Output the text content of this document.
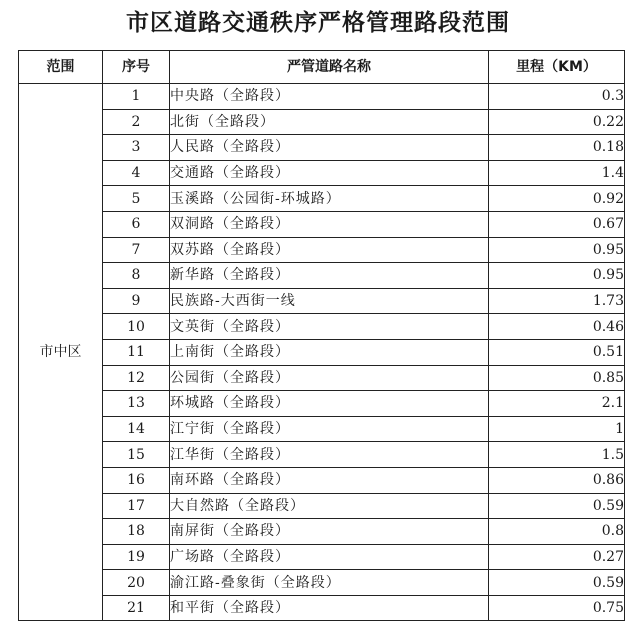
市区道路交通秩序严格管理路段范围
范围	序号	严管道路名称	里程（KM）
市中区	1	中央路（全路段）	0.3
	2	北街（全路段）	0.22
	3	人民路（全路段）	0.18
	4	交通路（全路段）	1.4
	5	玉溪路（公园街-环城路）	0.92
	6	双洞路（全路段）	0.67
	7	双苏路（全路段）	0.95
	8	新华路（全路段）	0.95
	9	民族路-大西街一线	1.73
	10	文英街（全路段）	0.46
	11	上南街（全路段）	0.51
	12	公园街（全路段）	0.85
	13	环城路（全路段）	2.1
	14	江宁街（全路段）	1
	15	江华街（全路段）	1.5
	16	南环路（全路段）	0.86
	17	大自然路（全路段）	0.59
	18	南屏街（全路段）	0.8
	19	广场路（全路段）	0.27
	20	渝江路-叠象街（全路段）	0.59
	21	和平街（全路段）	0.75
